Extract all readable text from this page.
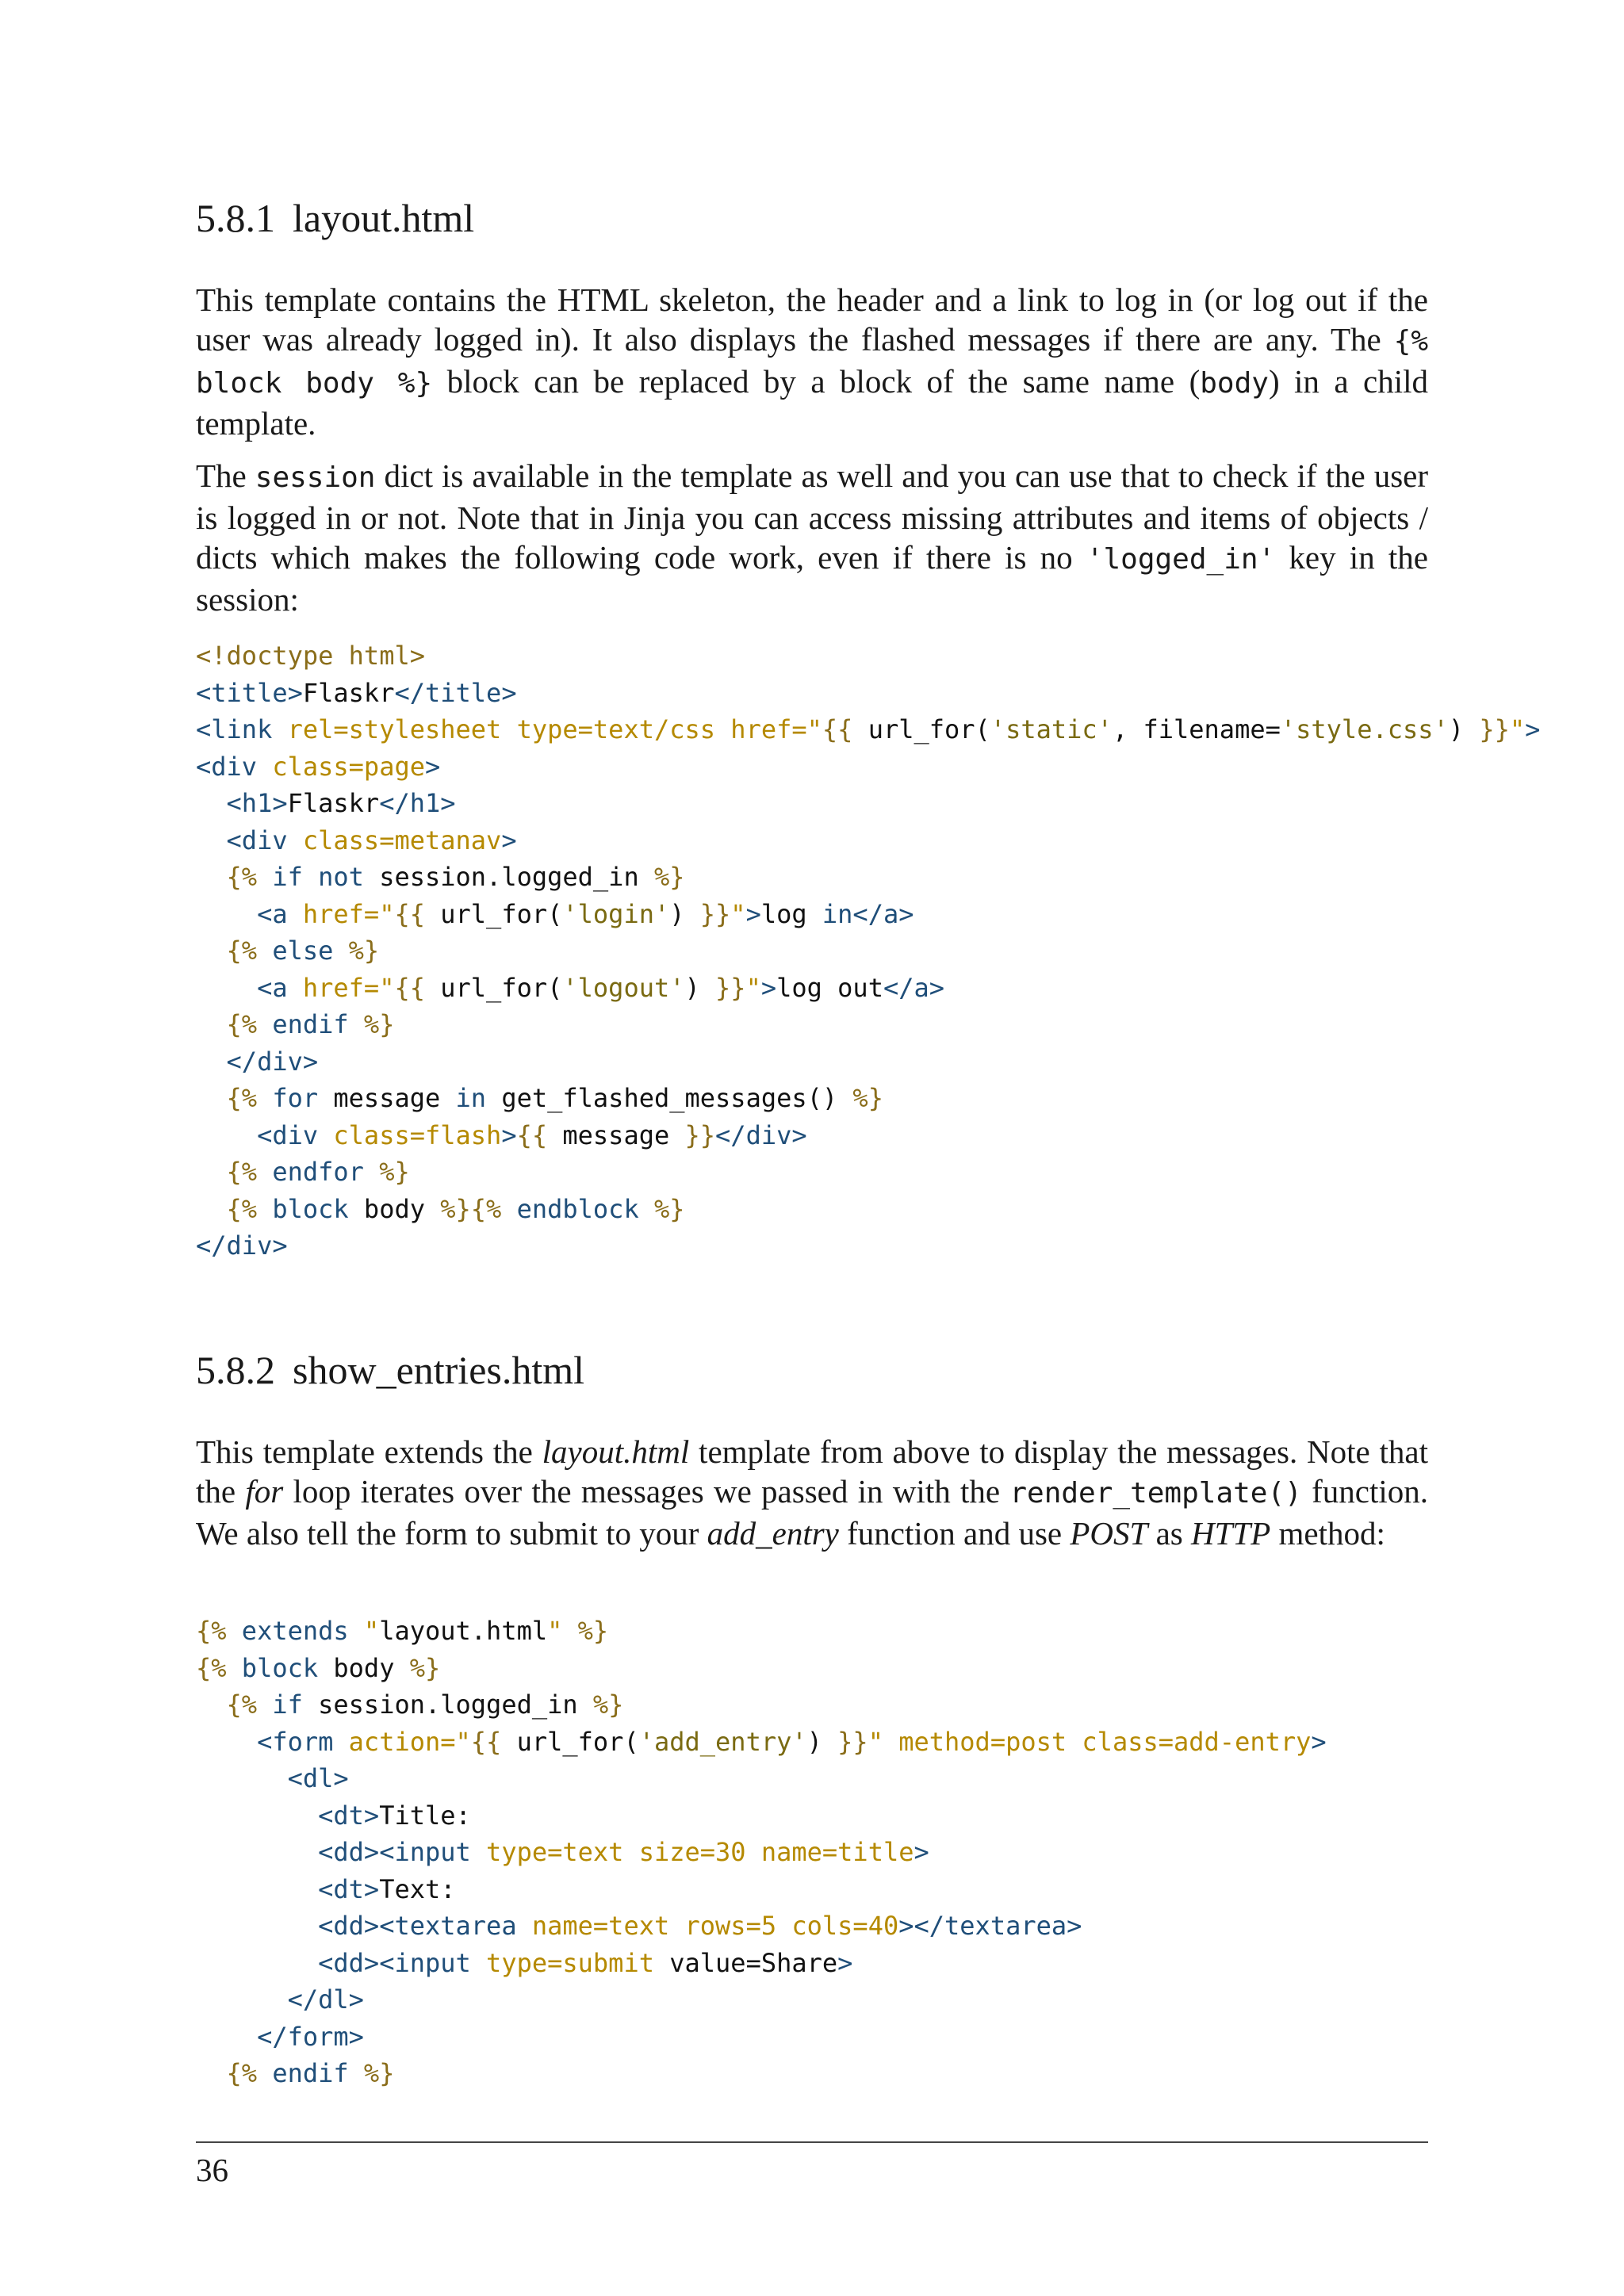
5.8.1 layout.html

This template contains the HTML skeleton, the header and a link to log in (or log out if the user was already logged in). It also displays the flashed messages if there are any. The {% block body %} block can be replaced by a block of the same name (body) in a child template.

The session dict is available in the template as well and you can use that to check if the user is logged in or not. Note that in Jinja you can access missing attributes and items of objects / dicts which makes the following code work, even if there is no 'logged_in' key in the session:

<!doctype html>
<title>Flaskr</title>
<link rel=stylesheet type=text/css href="{{ url_for('static', filename='style.css') }}">
<div class=page>
<h1>Flaskr</h1>
<div class=metanav>
{% if not session.logged_in %}
<a href="{{ url_for('login') }}">log in</a>
{% else %}
<a href="{{ url_for('logout') }}">log out</a>
{% endif %}
</div>
{% for message in get_flashed_messages() %}
<div class=flash>{{ message }}</div>
{% endfor %}
{% block body %}{% endblock %}
</div>
5.8.2 show_entries.html

This template extends the layout.html template from above to display the messages. Note that the for loop iterates over the messages we passed in with the render_template() function. We also tell the form to submit to your add_entry function and use POST as HTTP method:

{% extends "layout.html" %}
{% block body %}
{% if session.logged_in %}
<form action="{{ url_for('add_entry') }}" method=post class=add-entry>
<dl>
<dt>Title:
<dd><input type=text size=30 name=title>
<dt>Text:
<dd><textarea name=text rows=5 cols=40></textarea>
<dd><input type=submit value=Share>
</dl>
</form>
{% endif %}
36
